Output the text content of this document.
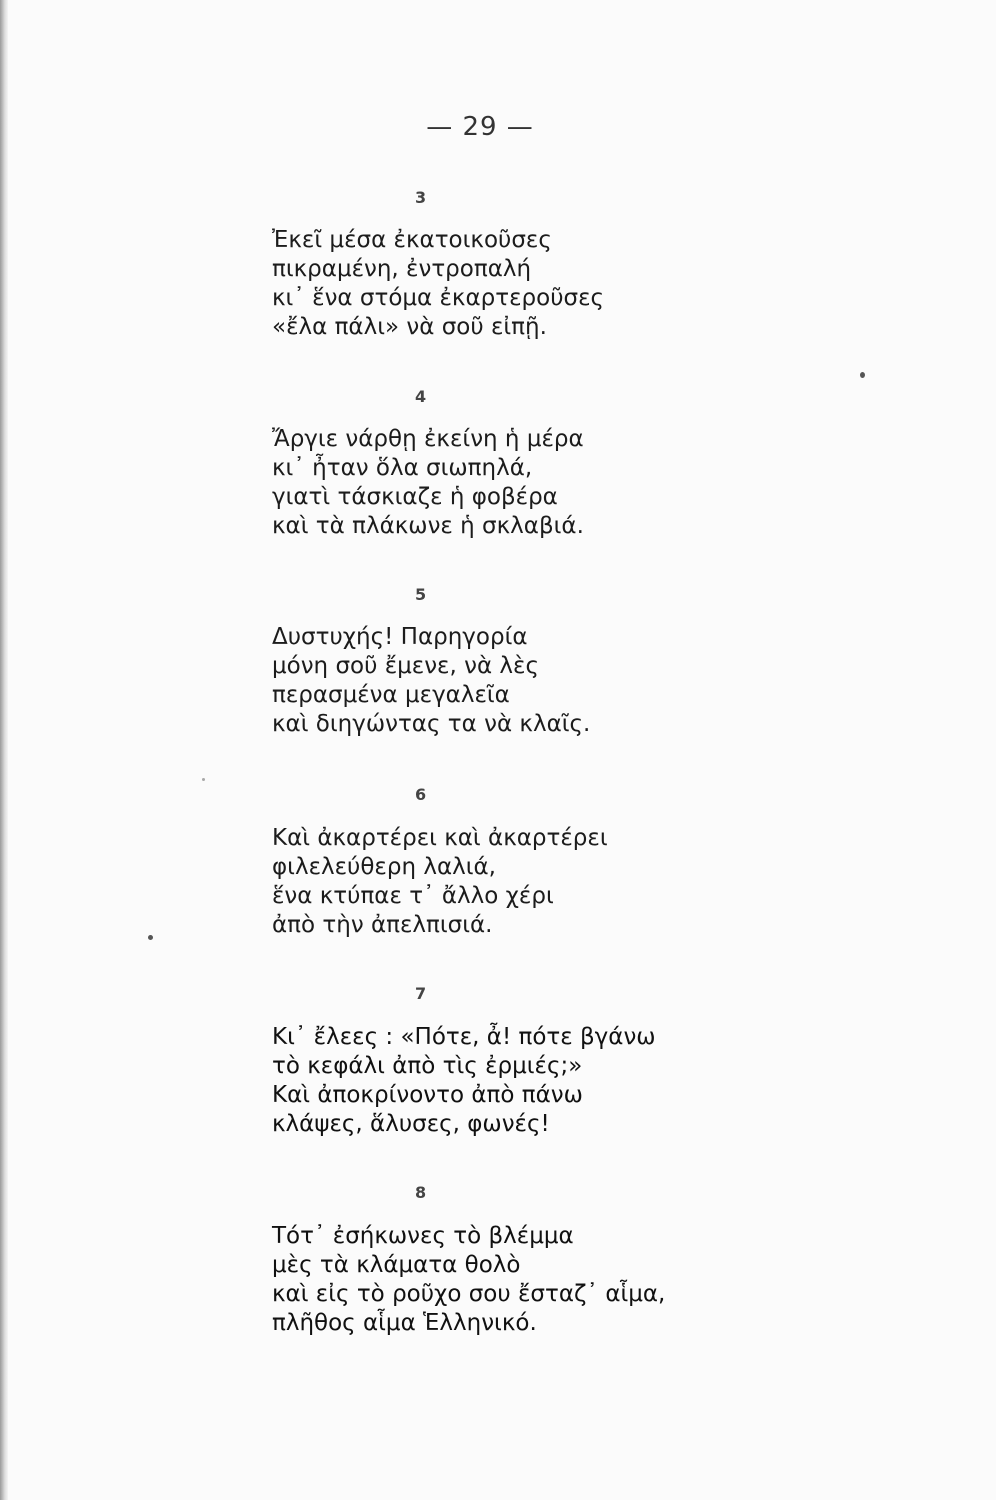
— 29 —
3
Ἐκεῖ μέσα ἐκατοικοῦσες
πικραμένη, ἐντροπαλή
κι᾿ ἕνα στόμα ἐκαρτεροῦσες
«ἔλα πάλι» νὰ σοῦ εἰπῇ.
4
Ἄργιε νάρθῃ ἐκείνη ἡ μέρα
κι᾿ ἦταν ὅλα σιωπηλά,
γιατὶ τάσκιαζε ἡ φοβέρα
καὶ τὰ πλάκωνε ἡ σκλαβιά.
5
Δυστυχής! Παρηγορία
μόνη σοῦ ἔμενε, νὰ λὲς
περασμένα μεγαλεῖα
καὶ διηγώντας τα νὰ κλαῖς.
6
Καὶ ἀκαρτέρει καὶ ἀκαρτέρει
φιλελεύθερη λαλιά,
ἕνα κτύπαε τ᾿ ἄλλο χέρι
ἀπὸ τὴν ἀπελπισιά.
7
Κι᾿ ἔλεες : «Πότε, ἆ! πότε βγάνω
τὸ κεφάλι ἀπὸ τὶς ἐρμιές;»
Καὶ ἀποκρίνοντο ἀπὸ πάνω
κλάψες, ἅλυσες, φωνές!
8
Τότ᾿ ἐσήκωνες τὸ βλέμμα
μὲς τὰ κλάματα θολὸ
καὶ εἰς τὸ ροῦχο σου ἔσταζ᾿ αἷμα,
πλῆθος αἷμα Ἑλληνικό.
